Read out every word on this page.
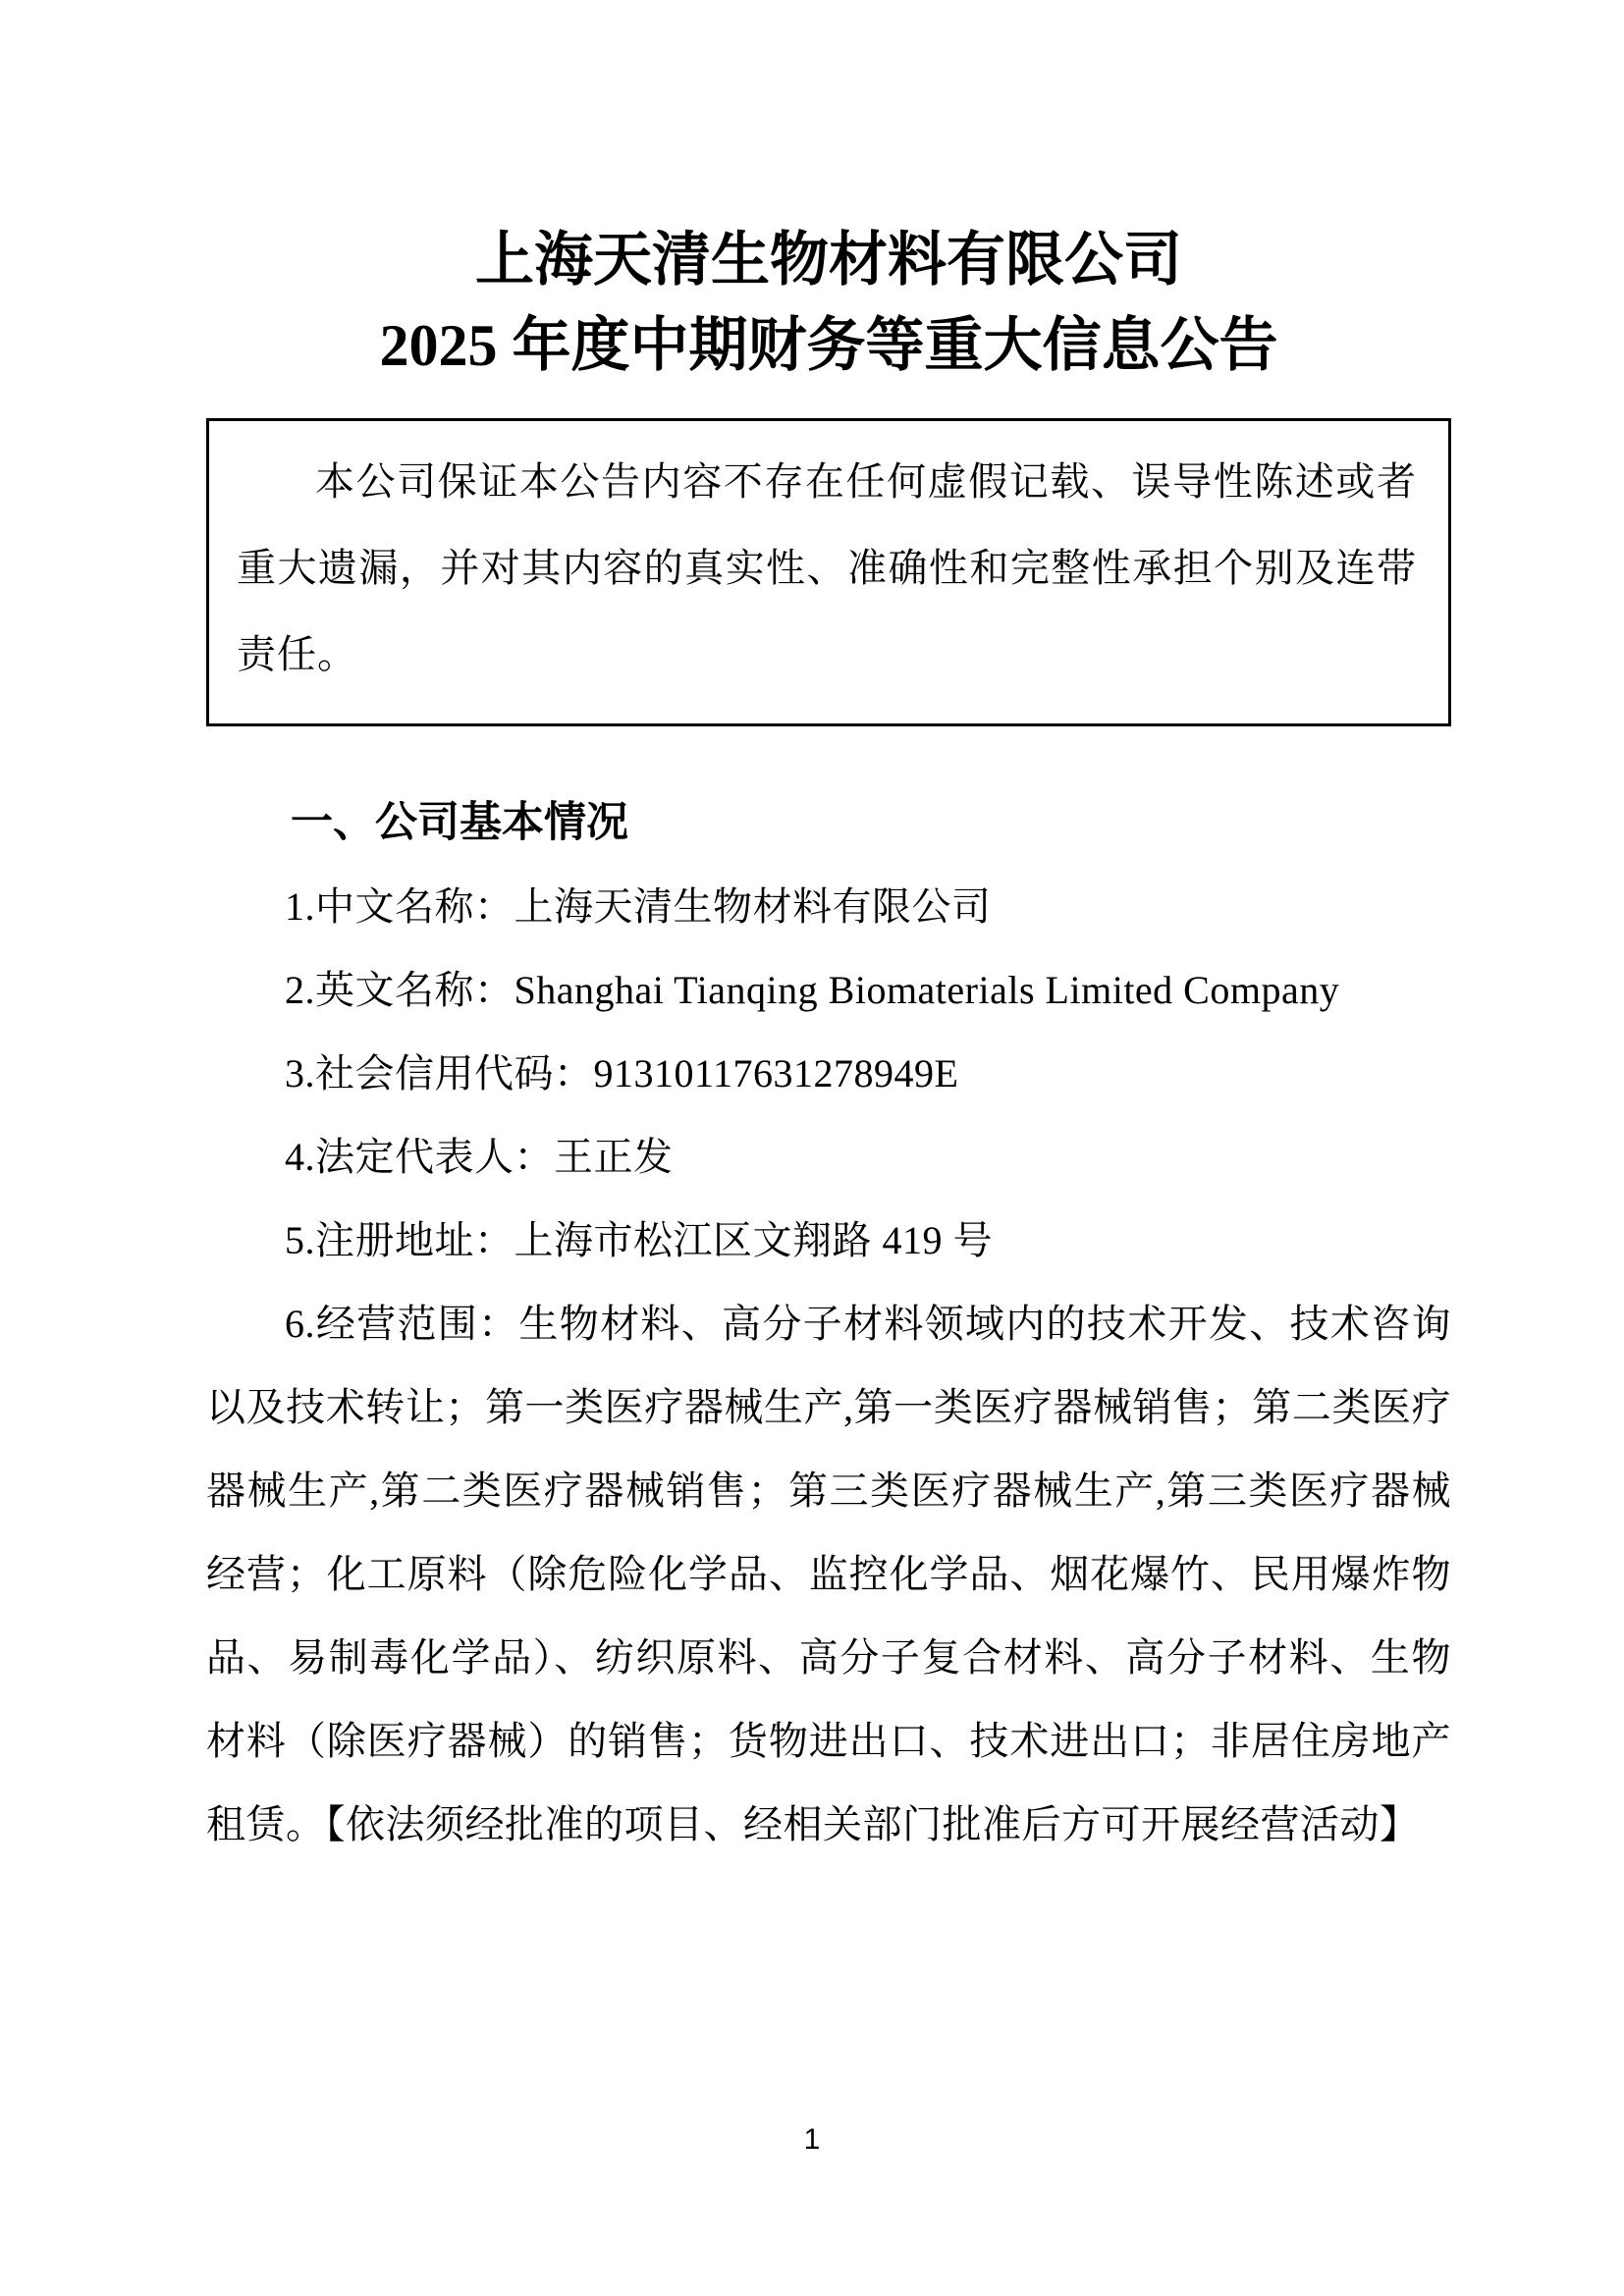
上海天清生物材料有限公司
2025 年度中期财务等重大信息公告

本公司保证本公告内容不存在任何虚假记载、误导性陈述或者重大遗漏，并对其内容的真实性、准确性和完整性承担个别及连带责任。

一、公司基本情况

1.中文名称：上海天清生物材料有限公司

2.英文名称：Shanghai Tianqing Biomaterials Limited Company

3.社会信用代码：91310117631278949E

4.法定代表人：王正发

5.注册地址：上海市松江区文翔路 419 号

6.经营范围：生物材料、高分子材料领域内的技术开发、技术咨询以及技术转让；第一类医疗器械生产,第一类医疗器械销售；第二类医疗器械生产,第二类医疗器械销售；第三类医疗器械生产,第三类医疗器械经营；化工原料（除危险化学品、监控化学品、烟花爆竹、民用爆炸物品、易制毒化学品）、纺织原料、高分子复合材料、高分子材料、生物材料（除医疗器械）的销售；货物进出口、技术进出口；非居住房地产租赁。【依法须经批准的项目、经相关部门批准后方可开展经营活动】

1
